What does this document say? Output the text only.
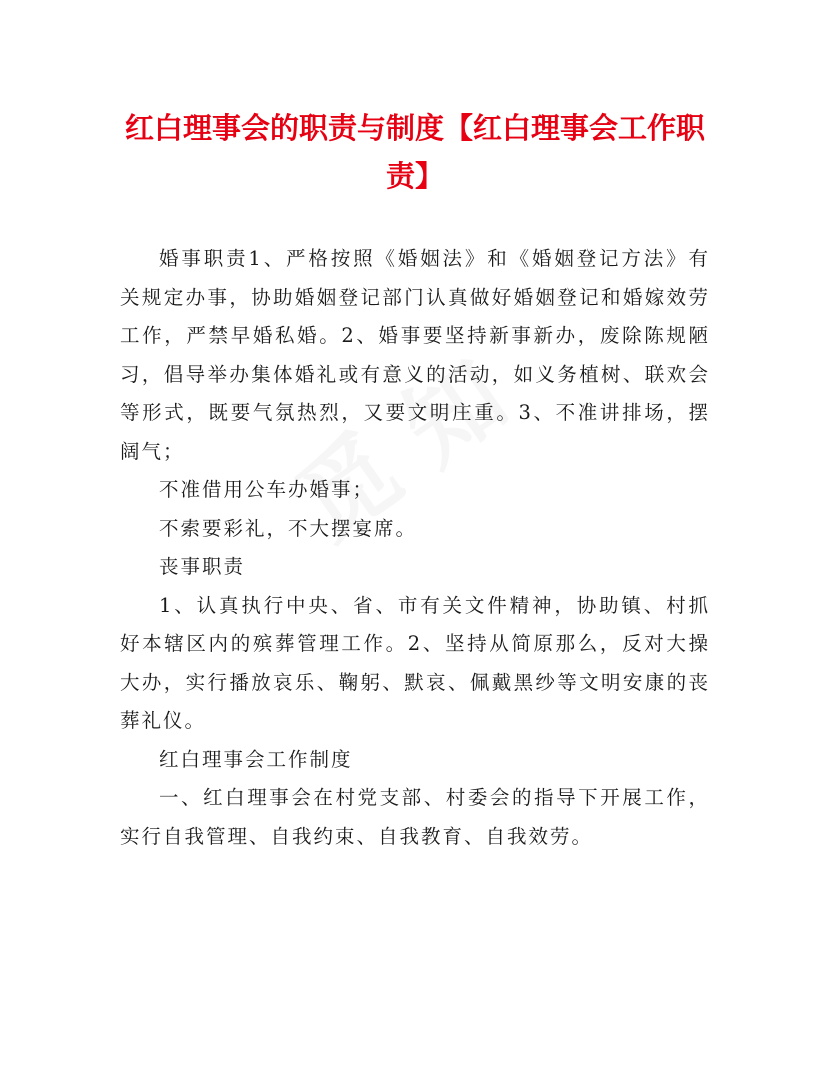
红白理事会的职责与制度【红白理事会工作职责】

婚事职责1、严格按照《婚姻法》和《婚姻登记方法》有关规定办事，协助婚姻登记部门认真做好婚姻登记和婚嫁效劳工作，严禁早婚私婚。2、婚事要坚持新事新办，废除陈规陋习，倡导举办集体婚礼或有意义的活动，如义务植树、联欢会等形式，既要气氛热烈，又要文明庄重。3、不准讲排场，摆阔气；

不准借用公车办婚事；

不索要彩礼，不大摆宴席。

丧事职责

1、认真执行中央、省、市有关文件精神，协助镇、村抓好本辖区内的殡葬管理工作。2、坚持从简原那么，反对大操大办，实行播放哀乐、鞠躬、默哀、佩戴黑纱等文明安康的丧葬礼仪。

红白理事会工作制度

一、红白理事会在村党支部、村委会的指导下开展工作，实行自我管理、自我约束、自我教育、自我效劳。
